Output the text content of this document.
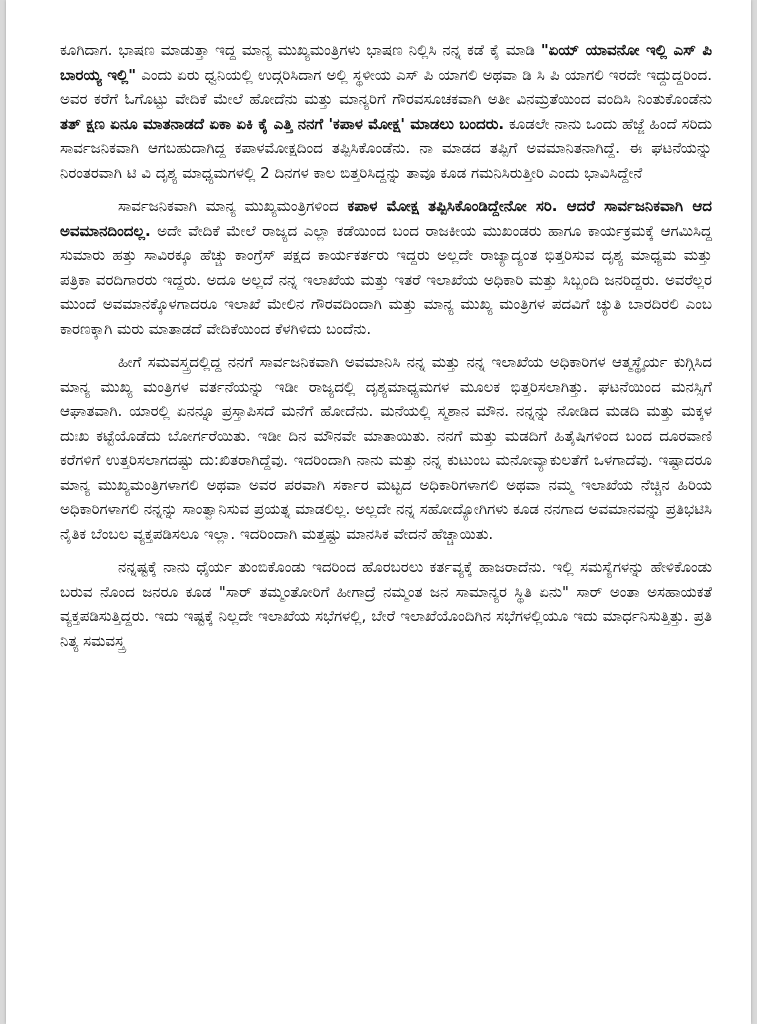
ಕೂಗಿದಾಗ. ಭಾಷಣ ಮಾಡುತ್ತಾ ಇದ್ದ ಮಾನ್ಯ ಮುಖ್ಯಮಂತ್ರಿಗಳು ಭಾಷಣ ನಿಲ್ಲಿಸಿ ನನ್ನ ಕಡೆ ಕೈ ಮಾಡಿ "ಏಯ್ ಯಾವನೋ ಇಲ್ಲಿ ಎಸ್ ಪಿ ಬಾರಯ್ಯ ಇಲ್ಲಿ" ಎಂದು ಏರು ಧ್ವನಿಯಲ್ಲಿ ಉದ್ಗರಿಸಿದಾಗ ಅಲ್ಲಿ ಸ್ಥಳೀಯ ಎಸ್ ಪಿ ಯಾಗಲಿ ಅಥವಾ ಡಿ ಸಿ ಪಿ ಯಾಗಲಿ ಇರದೇ ಇದ್ದುದ್ದರಿಂದ. ಅವರ ಕರೆಗೆ ಓಗೊಟ್ಟು ವೇದಿಕೆ ಮೇಲೆ ಹೋದೆನು ಮತ್ತು ಮಾನ್ಯರಿಗೆ ಗೌರವಸೂಚಕವಾಗಿ ಅತೀ ವಿನಮ್ರತೆಯಿಂದ ವಂದಿಸಿ ನಿಂತುಕೊಂಡೆನು ತತ್ ಕ್ಷಣ ಏನೂ ಮಾತನಾಡದೆ ಏಕಾ ಏಕಿ ಕೈ ಎತ್ತಿ ನನಗೆ 'ಕಪಾಳ ಮೋಕ್ಷ' ಮಾಡಲು ಬಂದರು. ಕೂಡಲೇ ನಾನು ಒಂದು ಹೆಜ್ಜೆ ಹಿಂದೆ ಸರಿದು ಸಾರ್ವಜನಿಕವಾಗಿ ಆಗಬಹುದಾಗಿದ್ದ ಕಪಾಳಮೋಕ್ಷದಿಂದ ತಪ್ಪಿಸಿಕೊಂಡೆನು. ನಾ ಮಾಡದ ತಪ್ಪಿಗೆ ಅವಮಾನಿತನಾಗಿದ್ದೆ. ಈ ಘಟನೆಯನ್ನು ನಿರಂತರವಾಗಿ ಟಿ ವಿ ದೃಶ್ಯ ಮಾಧ್ಯಮಗಳಲ್ಲಿ 2 ದಿನಗಳ ಕಾಲ ಬಿತ್ತರಿಸಿದ್ದನ್ನು ತಾವೂ ಕೂಡ ಗಮನಿಸಿರುತ್ತೀರಿ ಎಂದು ಭಾವಿಸಿದ್ದೇನೆ

ಸಾರ್ವಜನಿಕವಾಗಿ ಮಾನ್ಯ ಮುಖ್ಯಮಂತ್ರಿಗಳಿಂದ ಕಪಾಳ ಮೋಕ್ಷ ತಪ್ಪಿಸಿಕೊಂಡಿದ್ದೇನೋ ಸರಿ. ಆದರೆ ಸಾರ್ವಜನಿಕವಾಗಿ ಆದ ಅವಮಾನದಿಂದಲ್ಲ. ಅದೇ ವೇದಿಕೆ ಮೇಲೆ ರಾಜ್ಯದ ಎಲ್ಲಾ ಕಡೆಯಿಂದ ಬಂದ ರಾಜಕೀಯ ಮುಖಂಡರು ಹಾಗೂ ಕಾರ್ಯಕ್ರಮಕ್ಕೆ ಆಗಮಿಸಿದ್ದ ಸುಮಾರು ಹತ್ತು ಸಾವಿರಕ್ಕೂ ಹೆಚ್ಚು ಕಾಂಗ್ರೆಸ್ ಪಕ್ಷದ ಕಾರ್ಯಕರ್ತರು ಇದ್ದರು ಅಲ್ಲದೇ ರಾಜ್ಯಾದ್ಯಂತ ಭಿತ್ತರಿಸುವ ದೃಶ್ಯ ಮಾಧ್ಯಮ ಮತ್ತು ಪತ್ರಿಕಾ ವರದಿಗಾರರು ಇದ್ದರು. ಅದೂ ಅಲ್ಲದೆ ನನ್ನ ಇಲಾಖೆಯ ಮತ್ತು ಇತರೆ ಇಲಾಖೆಯ ಅಧಿಕಾರಿ ಮತ್ತು ಸಿಬ್ಬಂದಿ ಜನರಿದ್ದರು. ಅವರೆಲ್ಲರ ಮುಂದೆ ಅವಮಾನಕ್ಕೊಳಗಾದರೂ ಇಲಾಖೆ ಮೇಲಿನ ಗೌರವದಿಂದಾಗಿ ಮತ್ತು ಮಾನ್ಯ ಮುಖ್ಯ ಮಂತ್ರಿಗಳ ಪದವಿಗೆ ಚ್ಯುತಿ ಬಾರದಿರಲಿ ಎಂಬ ಕಾರಣಕ್ಕಾಗಿ ಮರು ಮಾತಾಡದೆ ವೇದಿಕೆಯಿಂದ ಕೆಳಗಿಳಿದು ಬಂದೆನು.

ಹೀಗೆ ಸಮವಸ್ತ್ರದಲ್ಲಿದ್ದ ನನಗೆ ಸಾರ್ವಜನಿಕವಾಗಿ ಅವಮಾನಿಸಿ ನನ್ನ ಮತ್ತು ನನ್ನ ಇಲಾಖೆಯ ಅಧಿಕಾರಿಗಳ ಆತ್ಮಸ್ಥೈರ್ಯ ಕುಗ್ಗಿಸಿದ ಮಾನ್ಯ ಮುಖ್ಯ ಮಂತ್ರಿಗಳ ವರ್ತನೆಯನ್ನು ಇಡೀ ರಾಜ್ಯದಲ್ಲಿ ದೃಶ್ಯಮಾಧ್ಯಮಗಳ ಮೂಲಕ ಭಿತ್ತರಿಸಲಾಗಿತ್ತು. ಘಟನೆಯಿಂದ ಮನಸ್ಸಿಗೆ ಆಘಾತವಾಗಿ. ಯಾರಲ್ಲಿ ಏನನ್ನೂ ಪ್ರಸ್ತಾಪಿಸದೆ ಮನೆಗೆ ಹೋದೆನು. ಮನೆಯಲ್ಲಿ ಸ್ಮಶಾನ ಮೌನ. ನನ್ನನ್ನು ನೋಡಿದ ಮಡದಿ ಮತ್ತು ಮಕ್ಕಳ ದುಃಖ ಕಟ್ಟೆಯೊಡೆದು ಬೋರ್ಗರೆಯಿತು. ಇಡೀ ದಿನ ಮೌನವೇ ಮಾತಾಯಿತು. ನನಗೆ ಮತ್ತು ಮಡದಿಗೆ ಹಿತೈಷಿಗಳಿಂದ ಬಂದ ದೂರವಾಣಿ ಕರೆಗಳಿಗೆ ಉತ್ತರಿಸಲಾಗದಷ್ಟು ದು:ಖಿತರಾಗಿದ್ದೆವು. ಇದರಿಂದಾಗಿ ನಾನು ಮತ್ತು ನನ್ನ ಕುಟುಂಬ ಮನೋವ್ಯಾಕುಲತೆಗೆ ಒಳಗಾದೆವು. ಇಷ್ಟಾದರೂ ಮಾನ್ಯ ಮುಖ್ಯಮಂತ್ರಿಗಳಾಗಲಿ ಅಥವಾ ಅವರ ಪರವಾಗಿ ಸರ್ಕಾರ ಮಟ್ಟದ ಅಧಿಕಾರಿಗಳಾಗಲಿ ಅಥವಾ ನಮ್ಮ ಇಲಾಖೆಯ ನೆಚ್ಚಿನ ಹಿರಿಯ ಅಧಿಕಾರಿಗಳಾಗಲಿ ನನ್ನನ್ನು ಸಾಂತ್ವಾನಿಸುವ ಪ್ರಯತ್ನ ಮಾಡಲಿಲ್ಲ. ಅಲ್ಲದೇ ನನ್ನ ಸಹೋದ್ಯೋಗಿಗಳು ಕೂಡ ನನಗಾದ ಅವಮಾನವನ್ನು ಪ್ರತಿಭಟಿಸಿ ನೈತಿಕ ಬೆಂಬಲ ವ್ಯಕ್ತಪಡಿಸಲೂ ಇಲ್ಲಾ. ಇದರಿಂದಾಗಿ ಮತ್ತಷ್ಟು ಮಾನಸಿಕ ವೇದನೆ ಹೆಚ್ಚಾಯಿತು.

ನನ್ನಷ್ಟಕ್ಕೆ ನಾನು ಧೈರ್ಯ ತುಂಬಿಕೊಂಡು ಇದರಿಂದ ಹೊರಬರಲು ಕರ್ತವ್ಯಕ್ಕೆ ಹಾಜರಾದೆನು. ಇಲ್ಲಿ ಸಮಸ್ಯೆಗಳನ್ನು ಹೇಳಿಕೊಂಡು ಬರುವ ನೊಂದ ಜನರೂ ಕೂಡ "ಸಾರ್ ತಮ್ಮಂತೋರಿಗೆ ಹೀಗಾದ್ರೆ ನಮ್ಮಂತ ಜನ ಸಾಮಾನ್ಯರ ಸ್ಥಿತಿ ಏನು" ಸಾರ್ ಅಂತಾ ಅಸಹಾಯಕತೆ ವ್ಯಕ್ತಪಡಿಸುತ್ತಿದ್ದರು. ಇದು ಇಷ್ಟಕ್ಕೆ ನಿಲ್ಲದೇ ಇಲಾಖೆಯ ಸಭೆಗಳಲ್ಲಿ, ಬೇರೆ ಇಲಾಖೆಯೊಂದಿಗಿನ ಸಭೆಗಳಲ್ಲಿಯೂ ಇದು ಮಾರ್ಧನಿಸುತ್ತಿತ್ತು. ಪ್ರತಿ ನಿತ್ಯ ಸಮವಸ್ತ್ರ
